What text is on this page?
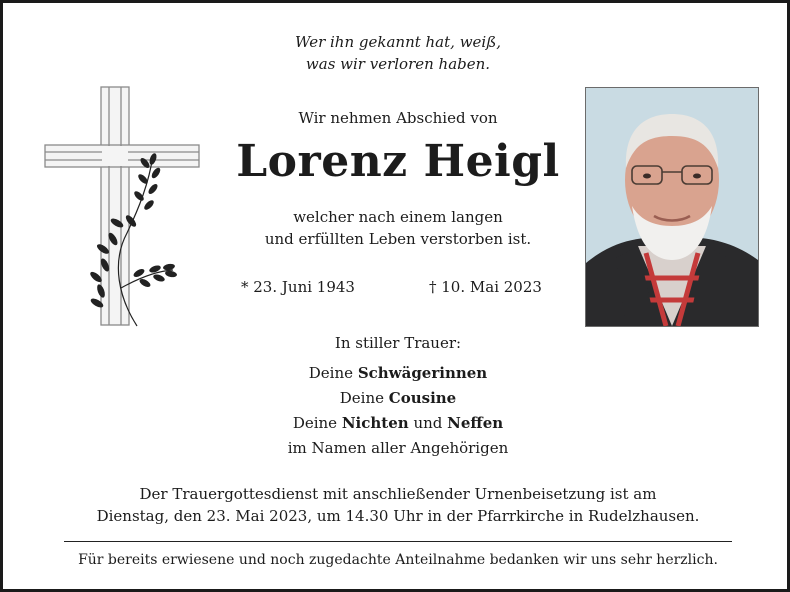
Wer ihn gekannt hat, weiß,
was wir verloren haben.
Wir nehmen Abschied von
Lorenz Heigl
welcher nach einem langen
und erfüllten Leben verstorben ist.
* 23. Juni 1943	† 10. Mai 2023
In stiller Trauer:
Deine Schwägerinnen
Deine Cousine
Deine Nichten und Neffen
im Namen aller Angehörigen
Der Trauergottesdienst mit anschließender Urnenbeisetzung ist am
Dienstag, den 23. Mai 2023, um 14.30 Uhr in der Pfarrkirche in Rudelzhausen.
Für bereits erwiesene und noch zugedachte Anteilnahme bedanken wir uns sehr herzlich.
